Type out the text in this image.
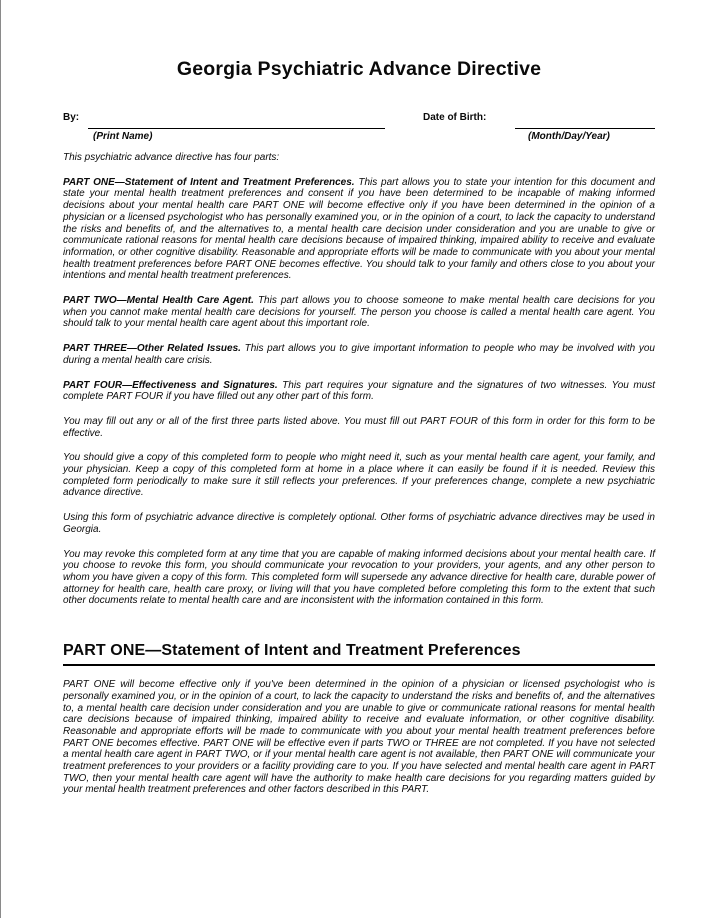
Georgia Psychiatric Advance Directive
By:
(Print Name)
Date of Birth:
(Month/Day/Year)

This psychiatric advance directive has four parts:

PART ONE—Statement of Intent and Treatment Preferences. This part allows you to state your intention for this document and state your mental health treatment preferences and consent if you have been determined to be incapable of making informed decisions about your mental health care PART ONE will become effective only if you have been determined in the opinion of a physician or a licensed psychologist who has personally examined you, or in the opinion of a court, to lack the capacity to understand the risks and benefits of, and the alternatives to, a mental health care decision under consideration and you are unable to give or communicate rational reasons for mental health care decisions because of impaired thinking, impaired ability to receive and evaluate information, or other cognitive disability. Reasonable and appropriate efforts will be made to communicate with you about your mental health treatment preferences before PART ONE becomes effective. You should talk to your family and others close to you about your intentions and mental health treatment preferences.

PART TWO—Mental Health Care Agent. This part allows you to choose someone to make mental health care decisions for you when you cannot make mental health care decisions for yourself. The person you choose is called a mental health care agent. You should talk to your mental health care agent about this important role.

PART THREE—Other Related Issues. This part allows you to give important information to people who may be involved with you during a mental health care crisis.

PART FOUR—Effectiveness and Signatures. This part requires your signature and the signatures of two witnesses. You must complete PART FOUR if you have filled out any other part of this form.

You may fill out any or all of the first three parts listed above. You must fill out PART FOUR of this form in order for this form to be effective.

You should give a copy of this completed form to people who might need it, such as your mental health care agent, your family, and your physician. Keep a copy of this completed form at home in a place where it can easily be found if it is needed. Review this completed form periodically to make sure it still reflects your preferences. If your preferences change, complete a new psychiatric advance directive.

Using this form of psychiatric advance directive is completely optional. Other forms of psychiatric advance directives may be used in Georgia.

You may revoke this completed form at any time that you are capable of making informed decisions about your mental health care. If you choose to revoke this form, you should communicate your revocation to your providers, your agents, and any other person to whom you have given a copy of this form. This completed form will supersede any advance directive for health care, durable power of attorney for health care, health care proxy, or living will that you have completed before completing this form to the extent that such other documents relate to mental health care and are inconsistent with the information contained in this form.

PART ONE—Statement of Intent and Treatment Preferences

PART ONE will become effective only if you've been determined in the opinion of a physician or licensed psychologist who is personally examined you, or in the opinion of a court, to lack the capacity to understand the risks and benefits of, and the alternatives to, a mental health care decision under consideration and you are unable to give or communicate rational reasons for mental health care decisions because of impaired thinking, impaired ability to receive and evaluate information, or other cognitive disability. Reasonable and appropriate efforts will be made to communicate with you about your mental health treatment preferences before PART ONE becomes effective. PART ONE will be effective even if parts TWO or THREE are not completed. If you have not selected a mental health care agent in PART TWO, or if your mental health care agent is not available, then PART ONE will communicate your treatment preferences to your providers or a facility providing care to you. If you have selected and mental health care agent in PART TWO, then your mental health care agent will have the authority to make health care decisions for you regarding matters guided by your mental health treatment preferences and other factors described in this PART.
